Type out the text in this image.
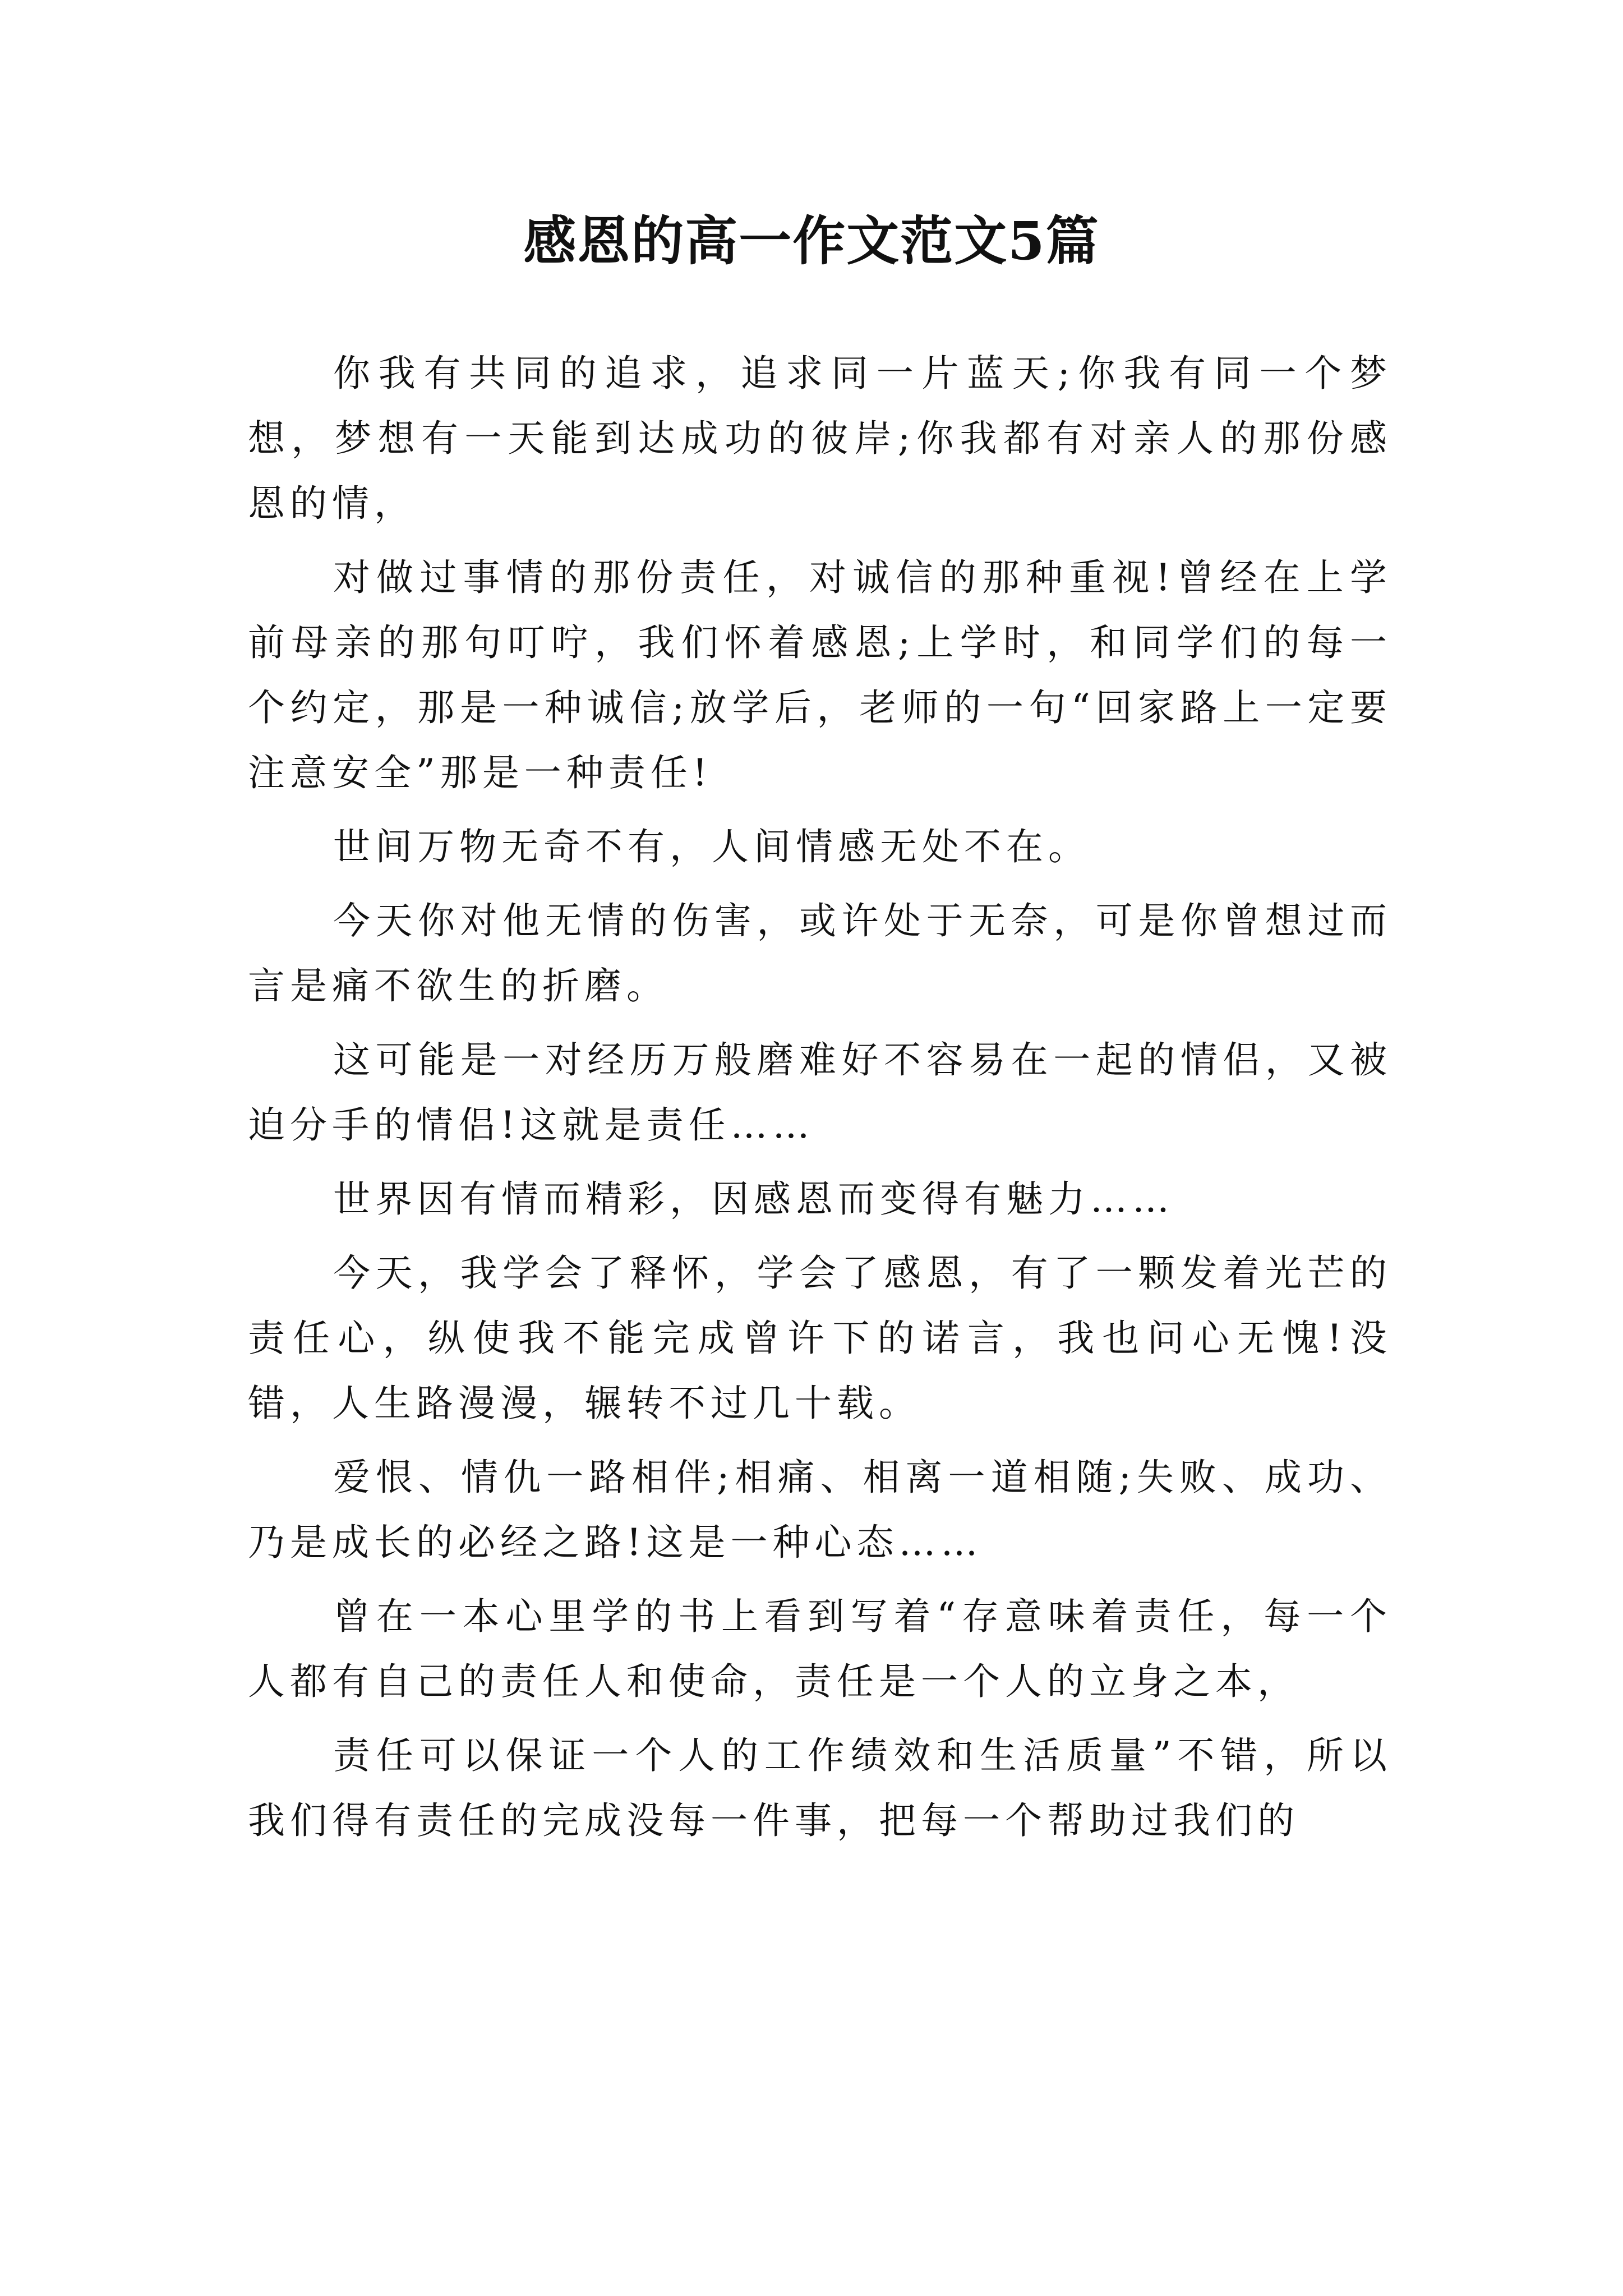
感恩的高一作文范文5篇

你我有共同的追求，追求同一片蓝天;你我有同一个梦想，梦想有一天能到达成功的彼岸;你我都有对亲人的那份感恩的情，

对做过事情的那份责任，对诚信的那种重视!曾经在上学前母亲的那句叮咛，我们怀着感恩;上学时，和同学们的每一个约定，那是一种诚信;放学后，老师的一句“回家路上一定要注意安全”那是一种责任!

世间万物无奇不有，人间情感无处不在。

今天你对他无情的伤害，或许处于无奈，可是你曾想过而言是痛不欲生的折磨。

这可能是一对经历万般磨难好不容易在一起的情侣，又被迫分手的情侣!这就是责任……

世界因有情而精彩，因感恩而变得有魅力……

今天，我学会了释怀，学会了感恩，有了一颗发着光芒的责任心，纵使我不能完成曾许下的诺言，我也问心无愧!没错，人生路漫漫，辗转不过几十载。

爱恨、情仇一路相伴;相痛、相离一道相随;失败、成功、乃是成长的必经之路!这是一种心态……

曾在一本心里学的书上看到写着“存意味着责任，每一个人都有自己的责任人和使命，责任是一个人的立身之本，

责任可以保证一个人的工作绩效和生活质量”不错，所以我们得有责任的完成没每一件事，把每一个帮助过我们的
